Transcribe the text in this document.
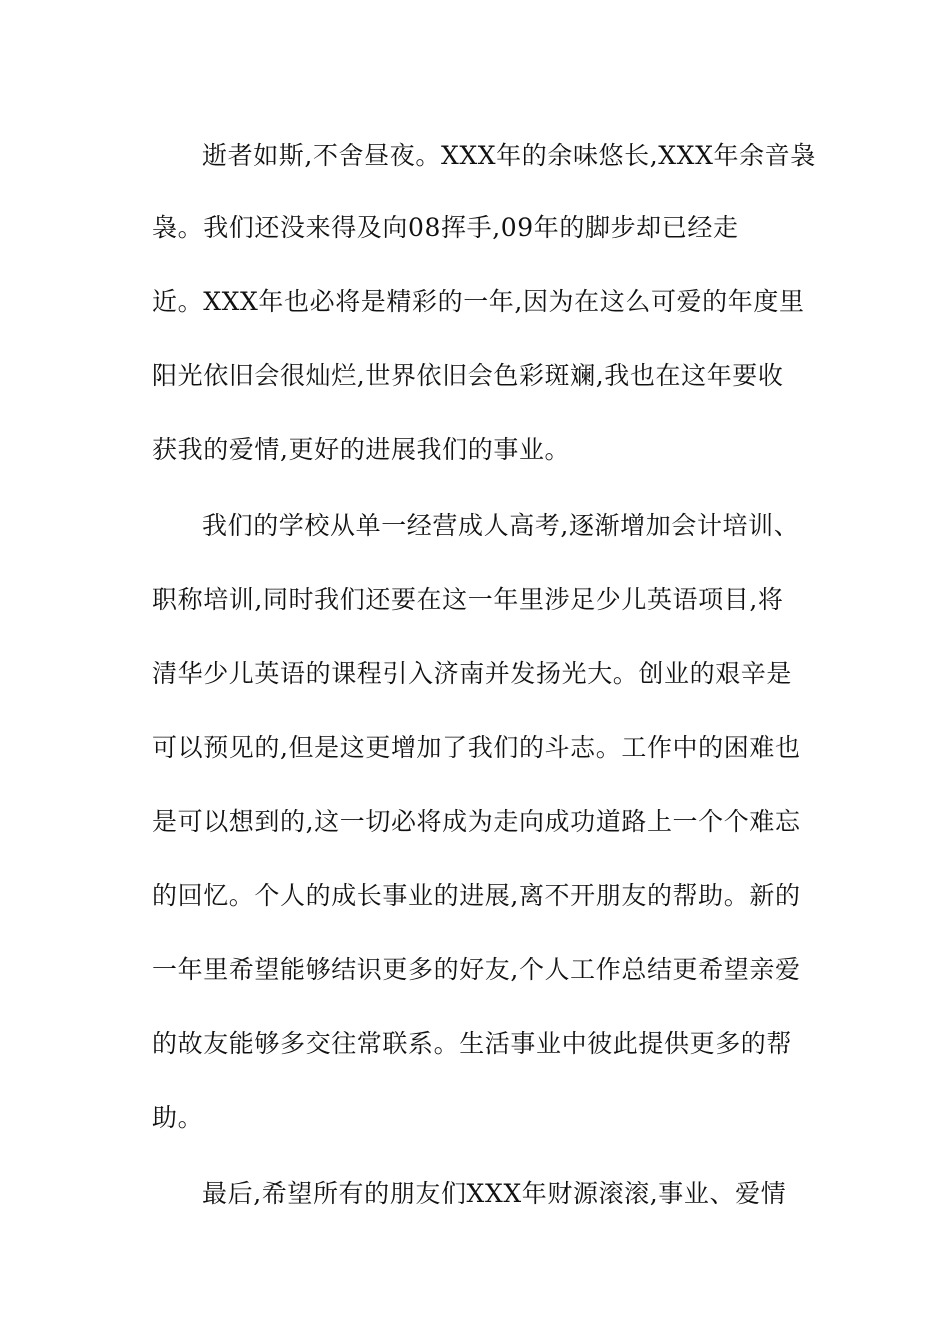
逝者如斯,不舍昼夜。XXX年的余味悠长,XXX年余音袅
袅。我们还没来得及向08挥手,09年的脚步却已经走
近。XXX年也必将是精彩的一年,因为在这么可爱的年度里
阳光依旧会很灿烂,世界依旧会色彩斑斓,我也在这年要收
获我的爱情,更好的进展我们的事业。
我们的学校从单一经营成人高考,逐渐增加会计培训、
职称培训,同时我们还要在这一年里涉足少儿英语项目,将
清华少儿英语的课程引入济南并发扬光大。创业的艰辛是
可以预见的,但是这更增加了我们的斗志。工作中的困难也
是可以想到的,这一切必将成为走向成功道路上一个个难忘
的回忆。个人的成长事业的进展,离不开朋友的帮助。新的
一年里希望能够结识更多的好友,个人工作总结更希望亲爱
的故友能够多交往常联系。生活事业中彼此提供更多的帮
助。
最后,希望所有的朋友们XXX年财源滚滚,事业、爱情
